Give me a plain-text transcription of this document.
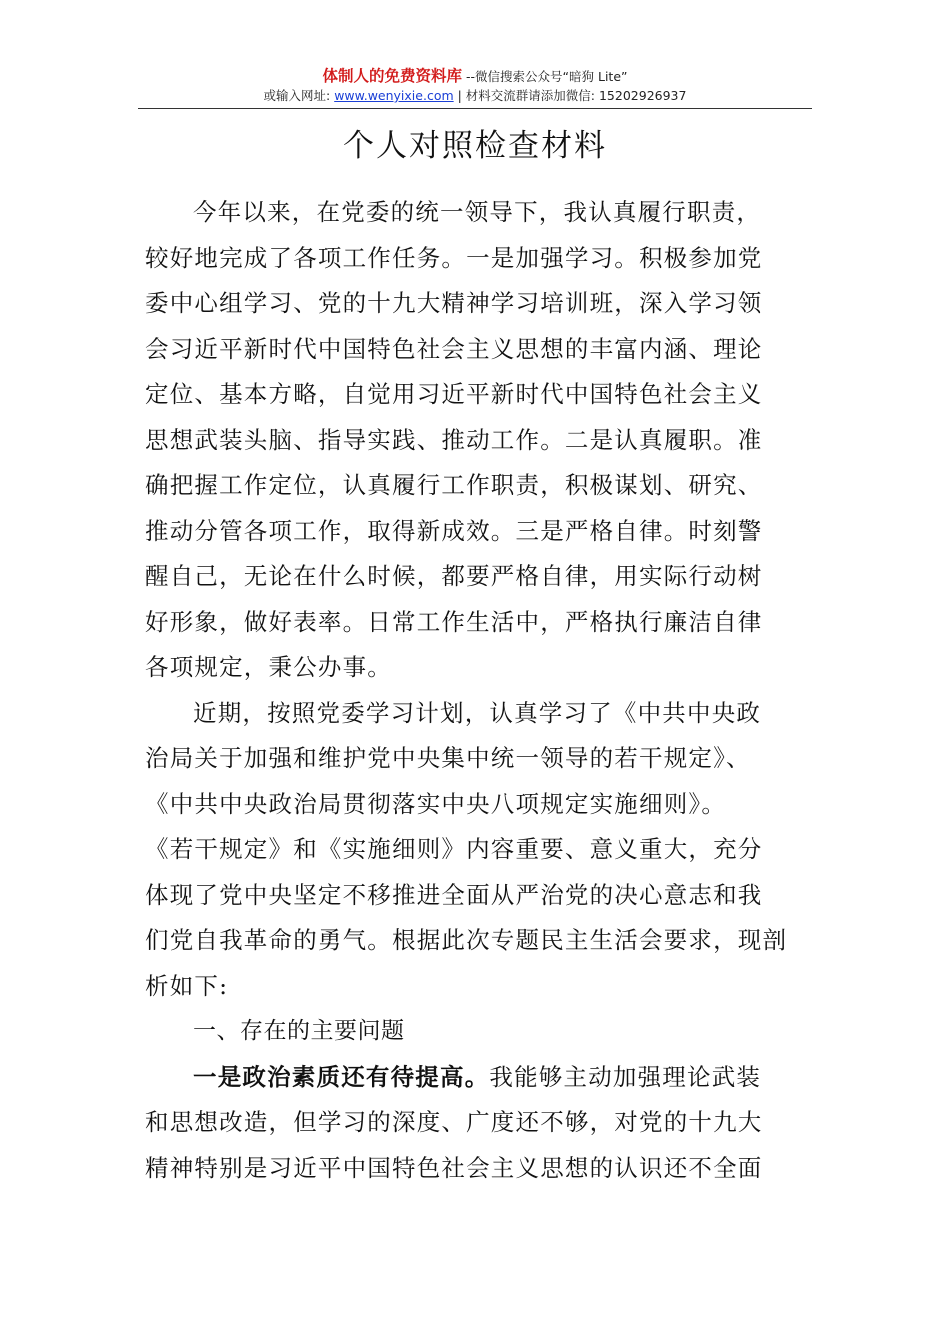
体制人的免费资料库 --微信搜索公众号“暗狗 Lite”
或输入网址: www.wenyixie.com | 材料交流群请添加微信: 15202926937
个人对照检查材料
今年以来，在党委的统一领导下，我认真履行职责，
较好地完成了各项工作任务。一是加强学习。积极参加党
委中心组学习、党的十九大精神学习培训班，深入学习领
会习近平新时代中国特色社会主义思想的丰富内涵、理论
定位、基本方略，自觉用习近平新时代中国特色社会主义
思想武装头脑、指导实践、推动工作。二是认真履职。准
确把握工作定位，认真履行工作职责，积极谋划、研究、
推动分管各项工作，取得新成效。三是严格自律。时刻警
醒自己，无论在什么时候，都要严格自律，用实际行动树
好形象，做好表率。日常工作生活中，严格执行廉洁自律
各项规定，秉公办事。
近期，按照党委学习计划，认真学习了《中共中央政
治局关于加强和维护党中央集中统一领导的若干规定》、
《中共中央政治局贯彻落实中央八项规定实施细则》。
《若干规定》和《实施细则》内容重要、意义重大，充分
体现了党中央坚定不移推进全面从严治党的决心意志和我
们党自我革命的勇气。根据此次专题民主生活会要求，现剖
析如下:
一、存在的主要问题
一是政治素质还有待提高。我能够主动加强理论武装
和思想改造，但学习的深度、广度还不够，对党的十九大
精神特别是习近平中国特色社会主义思想的认识还不全面
